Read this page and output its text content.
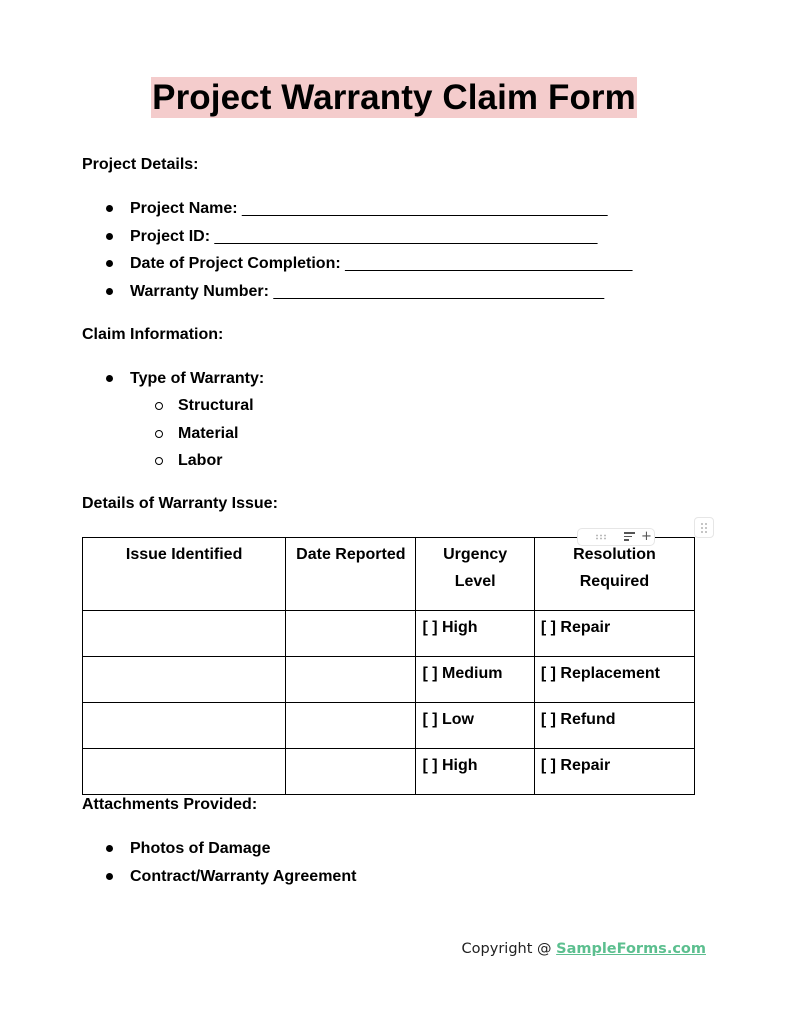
Project Warranty Claim Form
Project Details:
Project Name: __________________________________________
Project ID: ____________________________________________
Date of Project Completion: _________________________________
Warranty Number: ______________________________________
Claim Information:
Type of Warranty:
Structural
Material
Labor
Details of Warranty Issue:
Issue Identified	Date Reported	Urgency Level	Resolution Required
		[ ] High	[ ] Repair
		[ ] Medium	[ ] Replacement
		[ ] Low	[ ] Refund
		[ ] High	[ ] Repair
+
Attachments Provided:
Photos of Damage
Contract/Warranty Agreement
Copyright @ SampleForms.com
